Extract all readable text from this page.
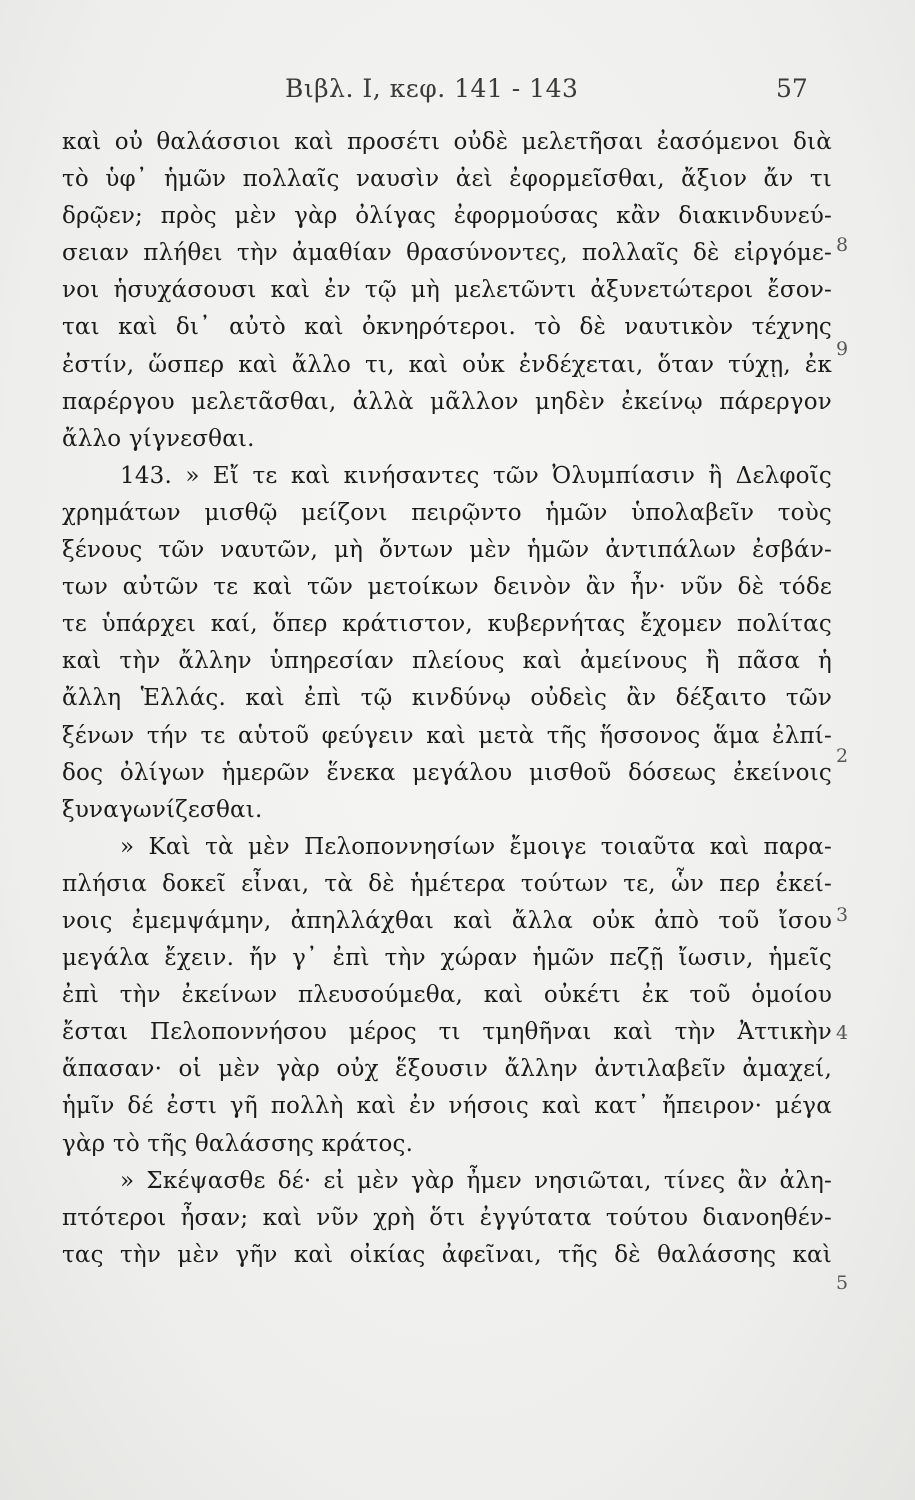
Βιβλ. I, κεφ. 141 - 143	57
καὶ οὐ θαλάσσιοι καὶ προσέτι οὐδὲ μελετῆσαι ἐασόμενοι διὰ
τὸ ὑφ᾽ ἡμῶν πολλαῖς ναυσὶν ἀεὶ ἐφορμεῖσθαι, ἄξιον ἄν τι
δρῷεν; πρὸς μὲν γὰρ ὀλίγας ἐφορμούσας κἂν διακινδυνεύ-
σειαν πλήθει τὴν ἀμαθίαν θρασύνοντες, πολλαῖς δὲ εἰργόμε-
νοι ἡσυχάσουσι καὶ ἐν τῷ μὴ μελετῶντι ἀξυνετώτεροι ἔσον-
ται καὶ δι᾽ αὐτὸ καὶ ὀκνηρότεροι. τὸ δὲ ναυτικὸν τέχνης
ἐστίν, ὥσπερ καὶ ἄλλο τι, καὶ οὐκ ἐνδέχεται, ὅταν τύχῃ, ἐκ
παρέργου μελετᾶσθαι, ἀλλὰ μᾶλλον μηδὲν ἐκείνῳ πάρεργον
ἄλλο γίγνεσθαι.
143. » Εἴ τε καὶ κινήσαντες τῶν Ὀλυμπίασιν ἢ Δελφοῖς
χρημάτων μισθῷ μείζονι πειρῷντο ἡμῶν ὑπολαβεῖν τοὺς
ξένους τῶν ναυτῶν, μὴ ὄντων μὲν ἡμῶν ἀντιπάλων ἐσβάν-
των αὐτῶν τε καὶ τῶν μετοίκων δεινὸν ἂν ἦν· νῦν δὲ τόδε
τε ὑπάρχει καί, ὅπερ κράτιστον, κυβερνήτας ἔχομεν πολίτας
καὶ τὴν ἄλλην ὑπηρεσίαν πλείους καὶ ἀμείνους ἢ πᾶσα ἡ
ἄλλη Ἑλλάς. καὶ ἐπὶ τῷ κινδύνῳ οὐδεὶς ἂν δέξαιτο τῶν
ξένων τήν τε αὑτοῦ φεύγειν καὶ μετὰ τῆς ἥσσονος ἅμα ἐλπί-
δος ὀλίγων ἡμερῶν ἕνεκα μεγάλου μισθοῦ δόσεως ἐκείνοις
ξυναγωνίζεσθαι.
» Καὶ τὰ μὲν Πελοποννησίων ἔμοιγε τοιαῦτα καὶ παρα-
πλήσια δοκεῖ εἶναι, τὰ δὲ ἡμέτερα τούτων τε, ὧν περ ἐκεί-
νοις ἐμεμψάμην, ἀπηλλάχθαι καὶ ἄλλα οὐκ ἀπὸ τοῦ ἴσου
μεγάλα ἔχειν. ἤν γ᾽ ἐπὶ τὴν χώραν ἡμῶν πεζῇ ἴωσιν, ἡμεῖς
ἐπὶ τὴν ἐκείνων πλευσούμεθα, καὶ οὐκέτι ἐκ τοῦ ὁμοίου
ἔσται Πελοποννήσου μέρος τι τμηθῆναι καὶ τὴν Ἀττικὴν
ἅπασαν· οἱ μὲν γὰρ οὐχ ἕξουσιν ἄλλην ἀντιλαβεῖν ἀμαχεί,
ἡμῖν δέ ἐστι γῆ πολλὴ καὶ ἐν νήσοις καὶ κατ᾽ ἤπειρον· μέγα
γὰρ τὸ τῆς θαλάσσης κράτος.
» Σκέψασθε δέ· εἰ μὲν γὰρ ἦμεν νησιῶται, τίνες ἂν ἀλη-
πτότεροι ἦσαν; καὶ νῦν χρὴ ὅτι ἐγγύτατα τούτου διανοηθέν-
τας τὴν μὲν γῆν καὶ οἰκίας ἀφεῖναι, τῆς δὲ θαλάσσης καὶ
8
9
2
3
4
5
